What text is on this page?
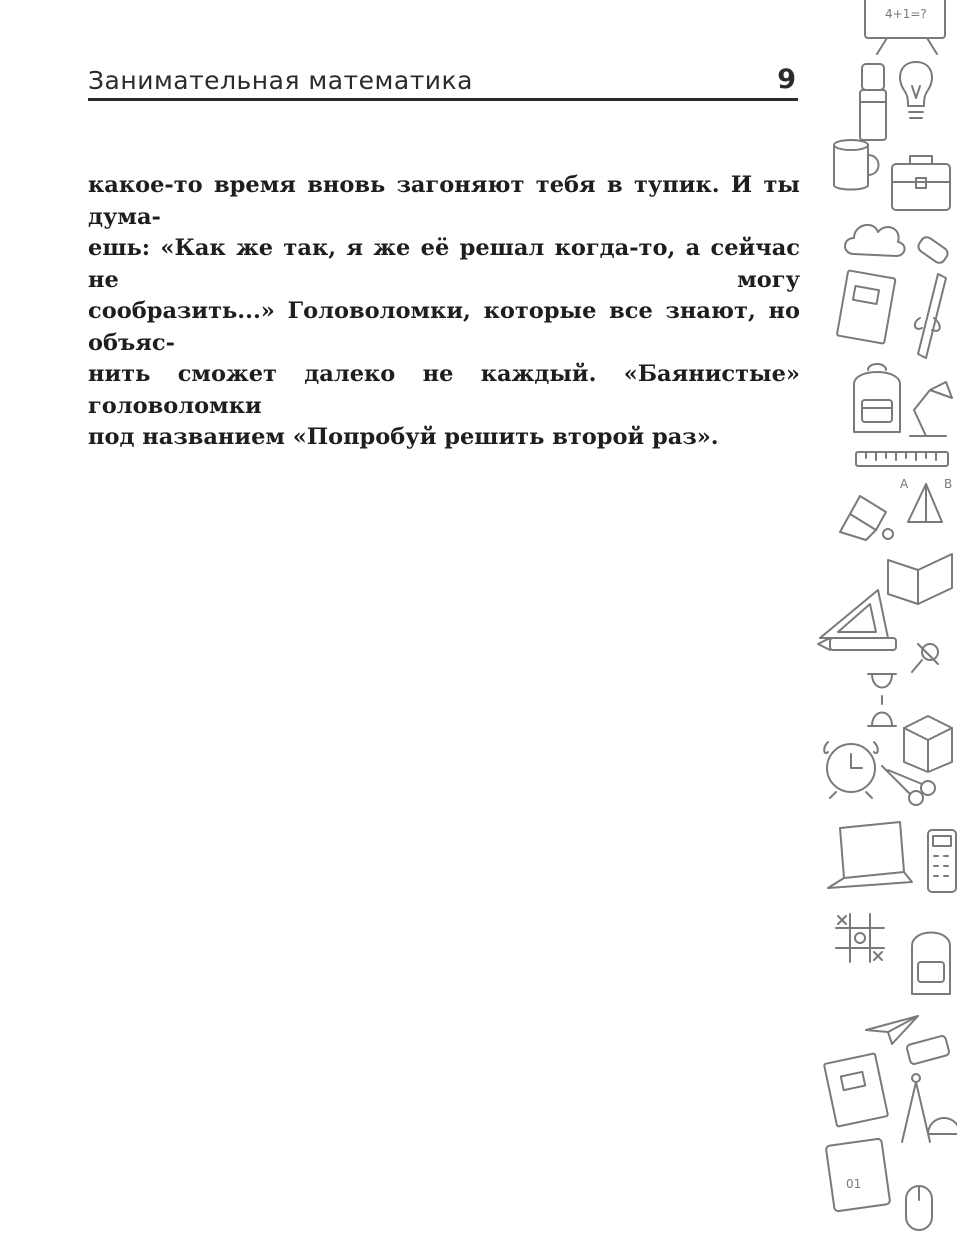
Занимательная математика	9
какое-то время вновь загоняют тебя в тупик. И ты дума-
ешь: «Как же так, я же её решал когда-то, а сейчас не могу
сообразить...» Головоломки, которые все знают, но объяс-
нить сможет далеко не каждый. «Баянистые» головоломки
под названием «Попробуй решить второй раз».
4+1=?
A	B
01
